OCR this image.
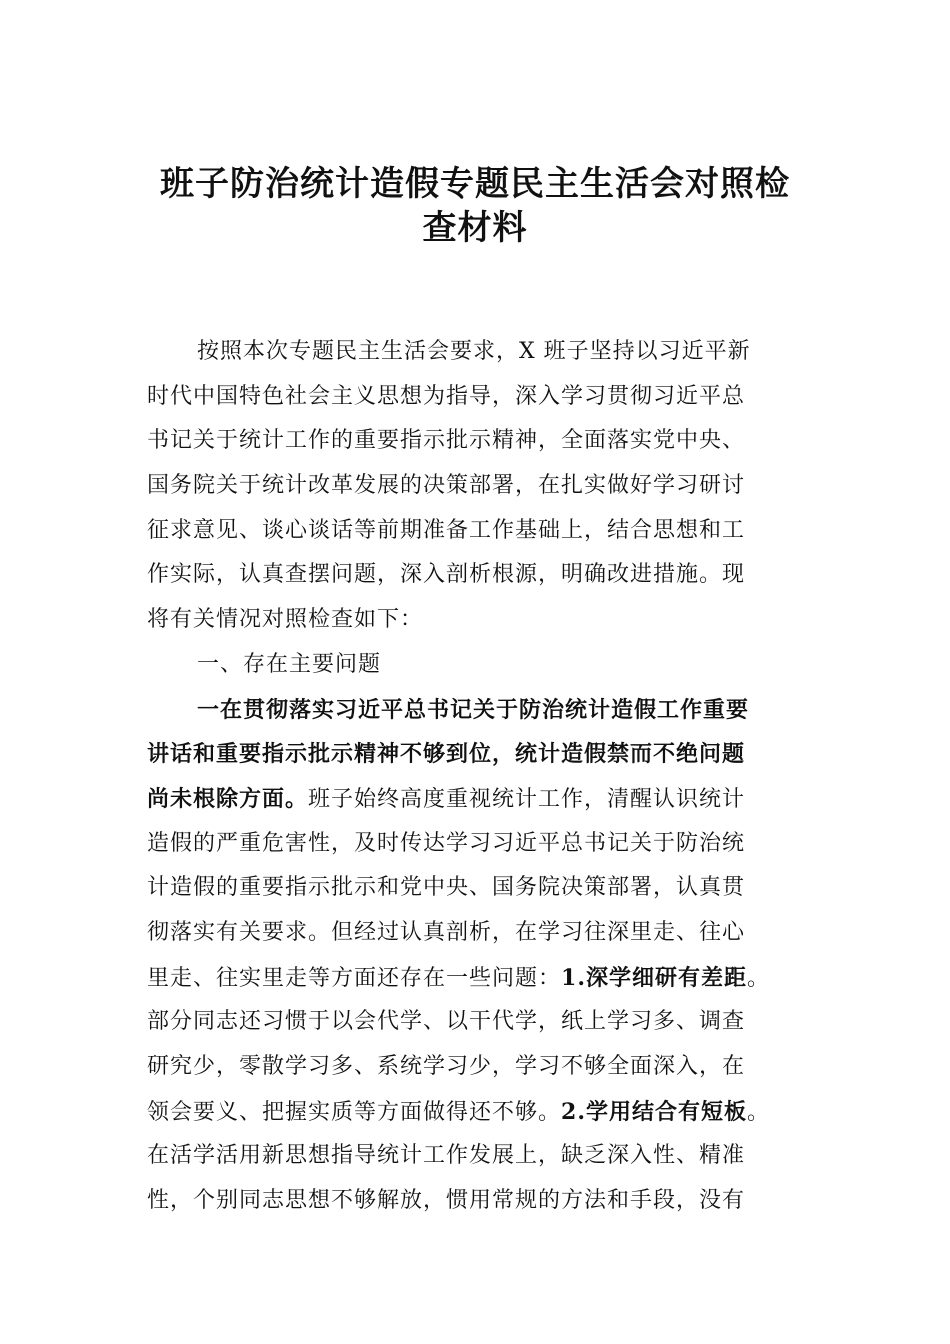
班子防治统计造假专题民主生活会对照检
查材料
按照本次专题民主生活会要求，X 班子坚持以习近平新
时代中国特色社会主义思想为指导，深入学习贯彻习近平总
书记关于统计工作的重要指示批示精神，全面落实党中央、
国务院关于统计改革发展的决策部署，在扎实做好学习研讨
征求意见、谈心谈话等前期准备工作基础上，结合思想和工
作实际，认真查摆问题，深入剖析根源，明确改进措施。现
将有关情况对照检查如下：
一、存在主要问题
一在贯彻落实习近平总书记关于防治统计造假工作重要
讲话和重要指示批示精神不够到位，统计造假禁而不绝问题
尚未根除方面。班子始终高度重视统计工作，清醒认识统计
造假的严重危害性，及时传达学习习近平总书记关于防治统
计造假的重要指示批示和党中央、国务院决策部署，认真贯
彻落实有关要求。但经过认真剖析，在学习往深里走、往心
里走、往实里走等方面还存在一些问题：1.深学细研有差距。
部分同志还习惯于以会代学、以干代学，纸上学习多、调查
研究少，零散学习多、系统学习少，学习不够全面深入，在
领会要义、把握实质等方面做得还不够。2.学用结合有短板。
在活学活用新思想指导统计工作发展上，缺乏深入性、精准
性，个别同志思想不够解放，惯用常规的方法和手段，没有
